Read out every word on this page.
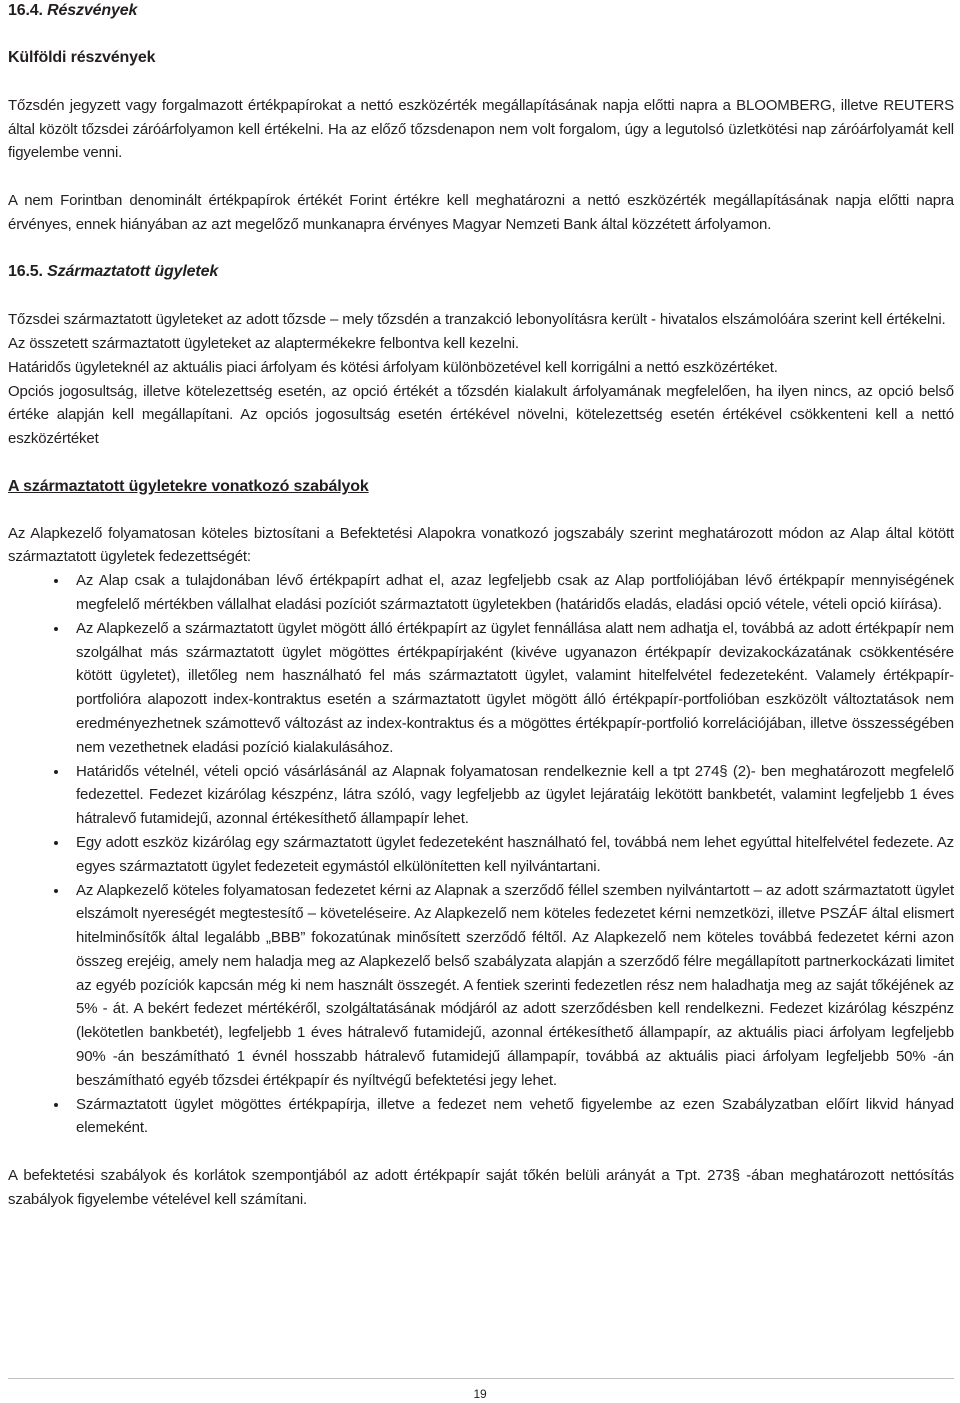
16.4. Részvények
Külföldi részvények

Tőzsdén jegyzett vagy forgalmazott értékpapírokat a nettó eszközérték megállapításának napja előtti napra a BLOOMBERG, illetve REUTERS által közölt tőzsdei záróárfolyamon kell értékelni. Ha az előző tőzsdenapon nem volt forgalom, úgy a legutolsó üzletkötési nap záróárfolyamát kell figyelembe venni.

A nem Forintban denominált értékpapírok értékét Forint értékre kell meghatározni a nettó eszközérték megállapításának napja előtti napra érvényes, ennek hiányában az azt megelőző munkanapra érvényes Magyar Nemzeti Bank által közzétett árfolyamon.

16.5. Származtatott ügyletek

Tőzsdei származtatott ügyleteket az adott tőzsde – mely tőzsdén a tranzakció lebonyolításra került - hivatalos elszámolóára szerint kell értékelni.

Az összetett származtatott ügyleteket az alaptermékekre felbontva kell kezelni.

Határidős ügyleteknél az aktuális piaci árfolyam és kötési árfolyam különbözetével kell korrigálni a nettó eszközértéket.

Opciós jogosultság, illetve kötelezettség esetén, az opció értékét a tőzsdén kialakult árfolyamának megfelelően, ha ilyen nincs, az opció belső értéke alapján kell megállapítani. Az opciós jogosultság esetén értékével növelni, kötelezettség esetén értékével csökkenteni kell a nettó eszközértéket

A származtatott ügyletekre vonatkozó szabályok

Az Alapkezelő folyamatosan köteles biztosítani a Befektetési Alapokra vonatkozó jogszabály szerint meghatározott módon az Alap által kötött származtatott ügyletek fedezettségét:

Az Alap csak a tulajdonában lévő értékpapírt adhat el, azaz legfeljebb csak az Alap portfoliójában lévő értékpapír mennyiségének megfelelő mértékben vállalhat eladási pozíciót származtatott ügyletekben (határidős eladás, eladási opció vétele, vételi opció kiírása).
Az Alapkezelő a származtatott ügylet mögött álló értékpapírt az ügylet fennállása alatt nem adhatja el, továbbá az adott értékpapír nem szolgálhat más származtatott ügylet mögöttes értékpapírjaként (kivéve ugyanazon értékpapír devizakockázatának csökkentésére kötött ügyletet), illetőleg nem használható fel más származtatott ügylet, valamint hitelfelvétel fedezeteként. Valamely értékpapír-portfolióra alapozott index-kontraktus esetén a származtatott ügylet mögött álló értékpapír-portfolióban eszközölt változtatások nem eredményezhetnek számottevő változást az index-kontraktus és a mögöttes értékpapír-portfolió korrelációjában, illetve összességében nem vezethetnek eladási pozíció kialakulásához.
Határidős vételnél, vételi opció vásárlásánál az Alapnak folyamatosan rendelkeznie kell a tpt 274§ (2)- ben meghatározott megfelelő fedezettel. Fedezet kizárólag készpénz, látra szóló, vagy legfeljebb az ügylet lejáratáig lekötött bankbetét, valamint legfeljebb 1 éves hátralevő futamidejű, azonnal értékesíthető állampapír lehet.
Egy adott eszköz kizárólag egy származtatott ügylet fedezeteként használható fel, továbbá nem lehet egyúttal hitelfelvétel fedezete. Az egyes származtatott ügylet fedezeteit egymástól elkülönítetten kell nyilvántartani.
Az Alapkezelő köteles folyamatosan fedezetet kérni az Alapnak a szerződő féllel szemben nyilvántartott – az adott származtatott ügylet elszámolt nyereségét megtestesítő – követeléseire. Az Alapkezelő nem köteles fedezetet kérni nemzetközi, illetve PSZÁF által elismert hitelminősítők által legalább „BBB” fokozatúnak minősített szerződő féltől. Az Alapkezelő nem köteles továbbá fedezetet kérni azon összeg erejéig, amely nem haladja meg az Alapkezelő belső szabályzata alapján a szerződő félre megállapított partnerkockázati limitet az egyéb pozíciók kapcsán még ki nem használt összegét. A fentiek szerinti fedezetlen rész nem haladhatja meg az saját tőkéjének az 5% - át. A bekért fedezet mértékéről, szolgáltatásának módjáról az adott szerződésben kell rendelkezni. Fedezet kizárólag készpénz (lekötetlen bankbetét), legfeljebb 1 éves hátralevő futamidejű, azonnal értékesíthető állampapír, az aktuális piaci árfolyam legfeljebb 90% -án beszámítható 1 évnél hosszabb hátralevő futamidejű állampapír, továbbá az aktuális piaci árfolyam legfeljebb 50% -án beszámítható egyéb tőzsdei értékpapír és nyíltvégű befektetési jegy lehet.
Származtatott ügylet mögöttes értékpapírja, illetve a fedezet nem vehető figyelembe az ezen Szabályzatban előírt likvid hányad elemeként.

A befektetési szabályok és korlátok szempontjából az adott értékpapír saját tőkén belüli arányát a Tpt. 273§ -ában meghatározott nettósítás szabályok figyelembe vételével kell számítani.

19
